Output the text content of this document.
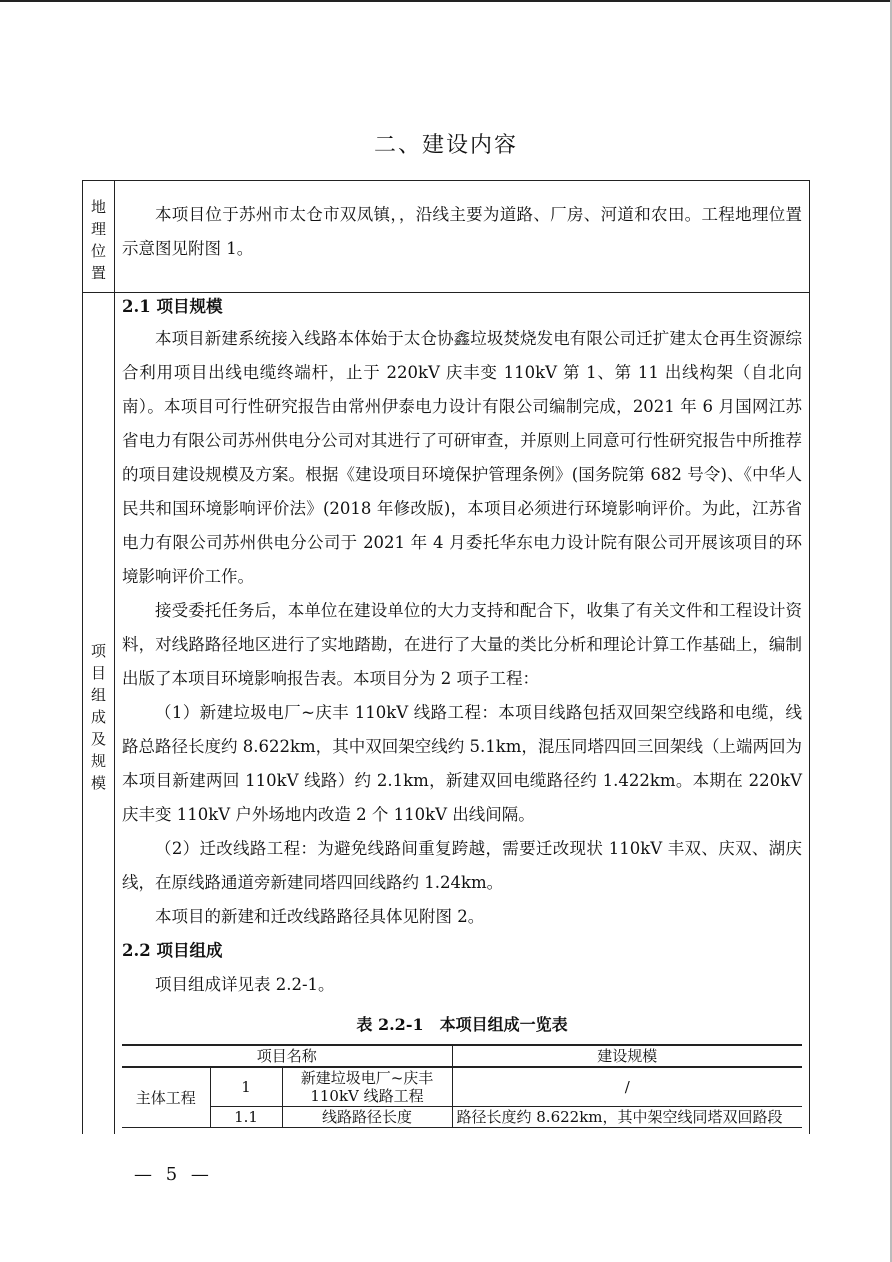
二、建设内容
地
理
位
置

本项目位于苏州市太仓市双凤镇，，沿线主要为道路、厂房、河道和农田。工程地理位置示意图见附图 1。

项
目
组
成
及
规
模
2.1 项目规模

本项目新建系统接入线路本体始于太仓协鑫垃圾焚烧发电有限公司迁扩建太仓再生资源综合利用项目出线电缆终端杆，止于 220kV 庆丰变 110kV 第 1、第 11 出线构架（自北向南）。本项目可行性研究报告由常州伊泰电力设计有限公司编制完成，2021 年 6 月国网江苏省电力有限公司苏州供电分公司对其进行了可研审查，并原则上同意可行性研究报告中所推荐的项目建设规模及方案。根据《建设项目环境保护管理条例》(国务院第 682 号令)、《中华人民共和国环境影响评价法》(2018 年修改版)，本项目必须进行环境影响评价。为此，江苏省电力有限公司苏州供电分公司于 2021 年 4 月委托华东电力设计院有限公司开展该项目的环境影响评价工作。

接受委托任务后，本单位在建设单位的大力支持和配合下，收集了有关文件和工程设计资料，对线路路径地区进行了实地踏勘，在进行了大量的类比分析和理论计算工作基础上，编制出版了本项目环境影响报告表。本项目分为 2 项子工程：

（1）新建垃圾电厂~庆丰 110kV 线路工程：本项目线路包括双回架空线路和电缆，线路总路径长度约 8.622km，其中双回架空线约 5.1km，混压同塔四回三回架线（上端两回为本项目新建两回 110kV 线路）约 2.1km，新建双回电缆路径约 1.422km。本期在 220kV 庆丰变 110kV 户外场地内改造 2 个 110kV 出线间隔。

（2）迁改线路工程：为避免线路间重复跨越，需要迁改现状 110kV 丰双、庆双、湖庆线，在原线路通道旁新建同塔四回线路约 1.24km。

本项目的新建和迁改线路路径具体见附图 2。

2.2 项目组成

项目组成详见表 2.2-1。

表 2.2-1　本项目组成一览表
项目名称			建设规模
主体工程	1	新建垃圾电厂~庆丰 110kV 线路工程	/
	1.1	线路路径长度	路径长度约 8.622km，其中架空线同塔双回路段
— 5 —
